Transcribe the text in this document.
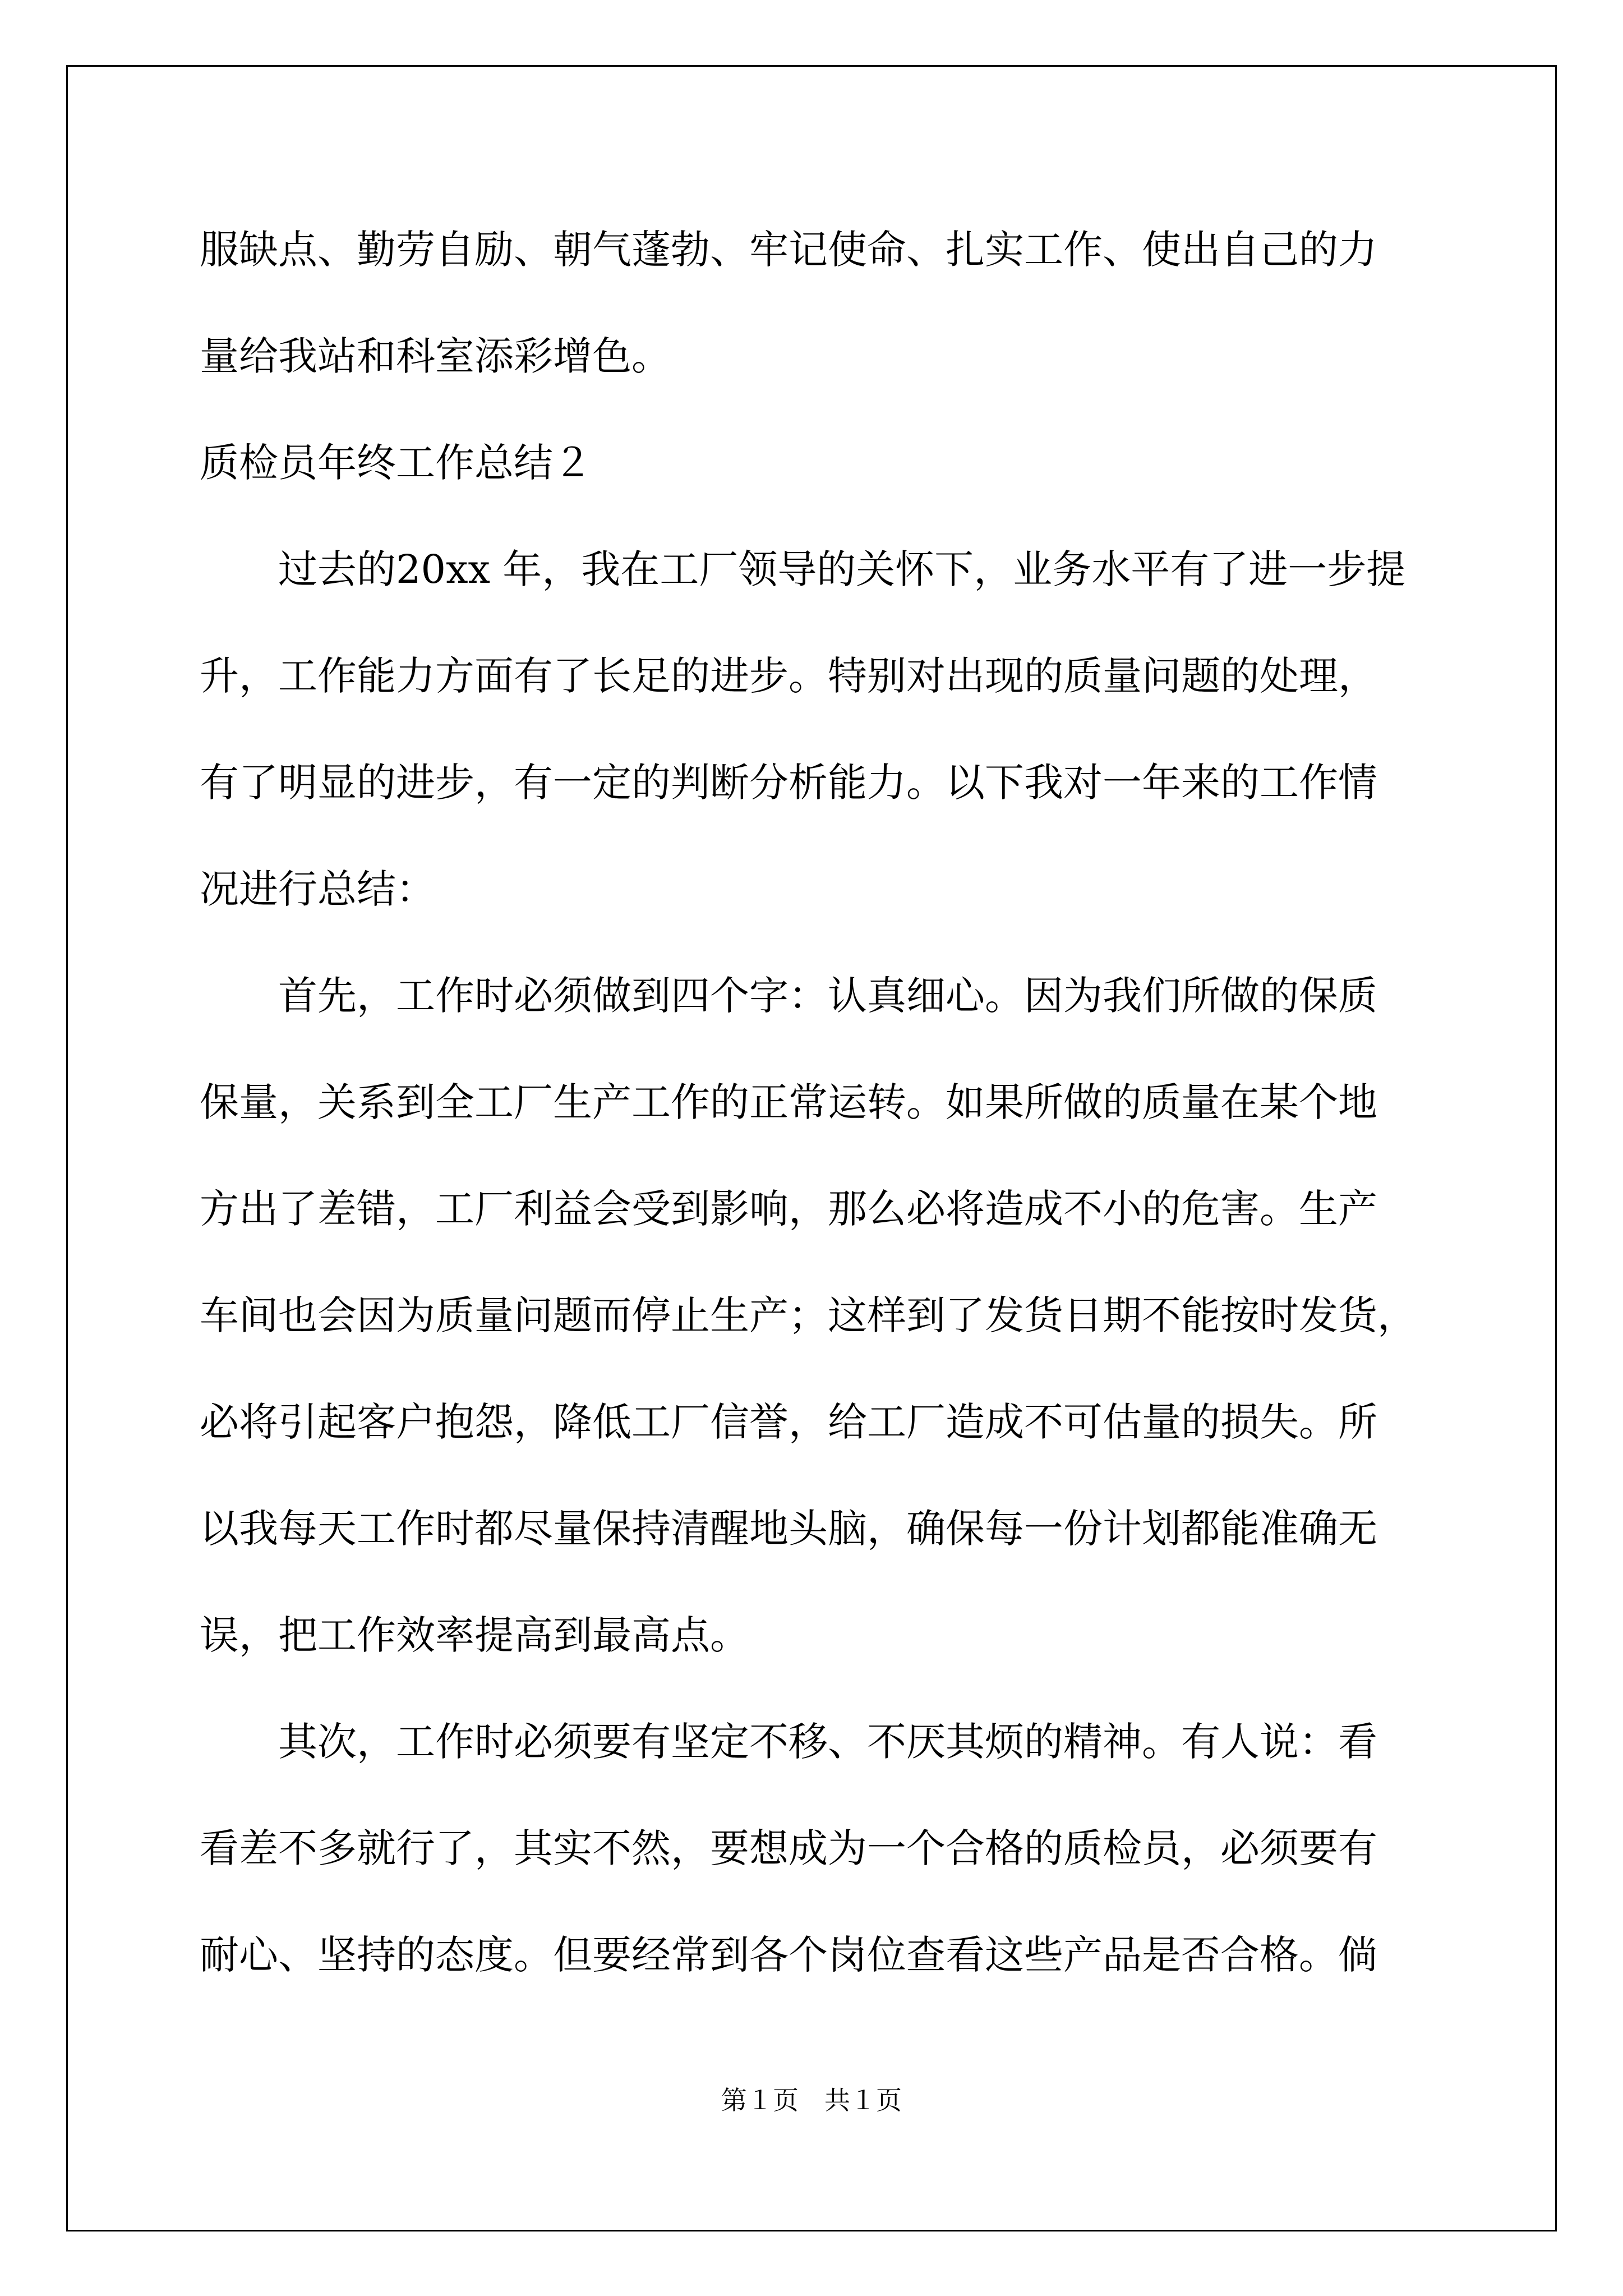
服缺点、勤劳自励、朝气蓬勃、牢记使命、扎实工作、使出自己的力
量给我站和科室添彩增色。
质检员年终工作总结２
过去的20xx 年，我在工厂领导的关怀下，业务水平有了进一步提
升，工作能力方面有了长足的进步。特别对出现的质量问题的处理，
有了明显的进步，有一定的判断分析能力。以下我对一年来的工作情
况进行总结：
首先，工作时必须做到四个字：认真细心。因为我们所做的保质
保量，关系到全工厂生产工作的正常运转。如果所做的质量在某个地
方出了差错，工厂利益会受到影响，那么必将造成不小的危害。生产
车间也会因为质量问题而停止生产；这样到了发货日期不能按时发货，
必将引起客户抱怨，降低工厂信誉，给工厂造成不可估量的损失。所
以我每天工作时都尽量保持清醒地头脑，确保每一份计划都能准确无
误，把工作效率提高到最高点。
其次，工作时必须要有坚定不移、不厌其烦的精神。有人说：看
看差不多就行了，其实不然，要想成为一个合格的质检员，必须要有
耐心、坚持的态度。但要经常到各个岗位查看这些产品是否合格。倘
第１页　共１页
